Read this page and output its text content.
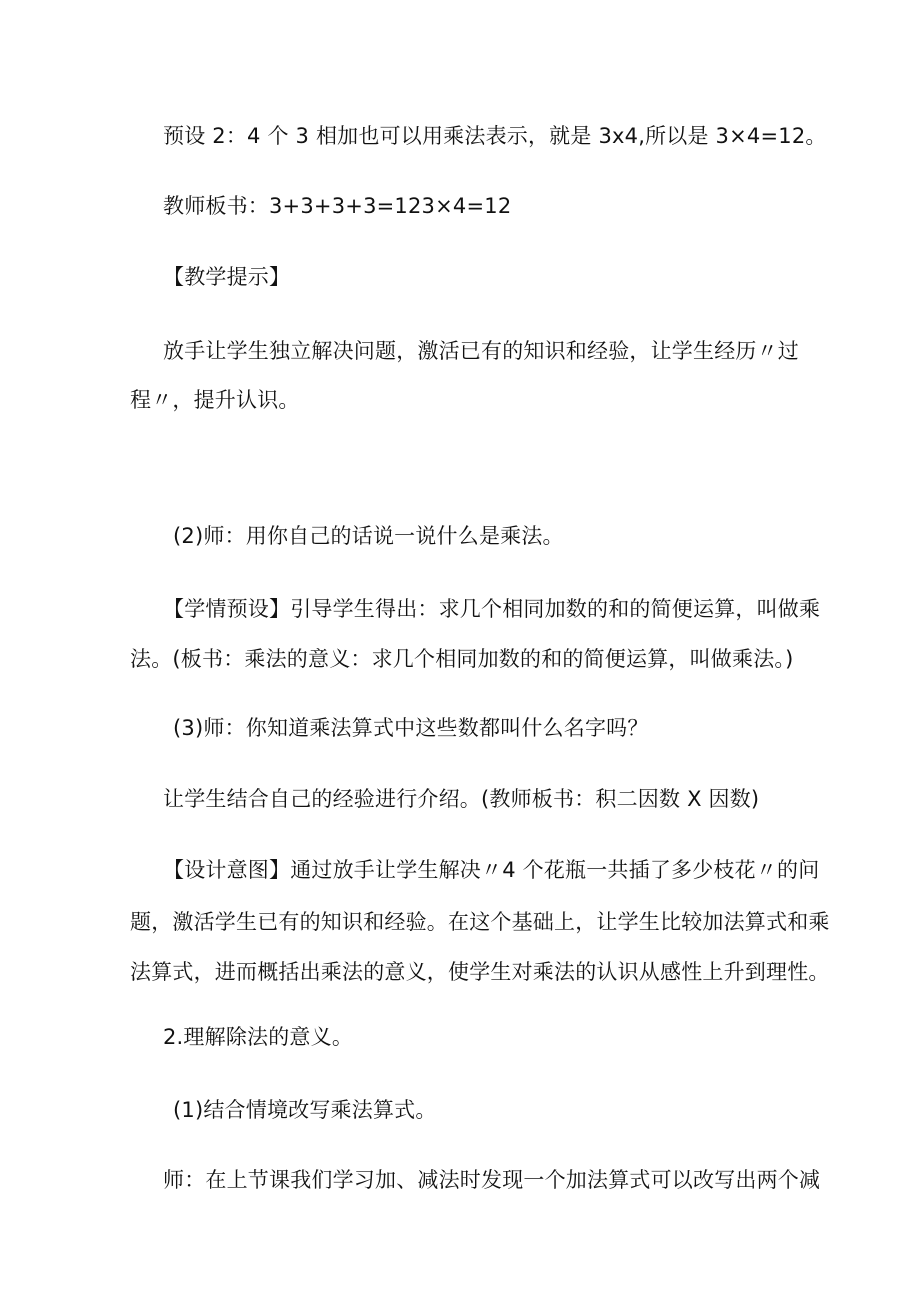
预设 2：4 个 3 相加也可以用乘法表示，就是 3x4,所以是 3×4=12。
教师板书：3+3+3+3=123×4=12
【教学提示】
放手让学生独立解决问题，激活已有的知识和经验，让学生经历〃过
程〃，提升认识。
(2)师：用你自己的话说一说什么是乘法。
【学情预设】引导学生得出：求几个相同加数的和的简便运算，叫做乘
法。(板书：乘法的意义：求几个相同加数的和的简便运算，叫做乘法。)
(3)师：你知道乘法算式中这些数都叫什么名字吗？
让学生结合自己的经验进行介绍。(教师板书：积二因数 X 因数)
【设计意图】通过放手让学生解决〃4 个花瓶一共插了多少枝花〃的问
题，激活学生已有的知识和经验。在这个基础上，让学生比较加法算式和乘
法算式，进而概括出乘法的意义，使学生对乘法的认识从感性上升到理性。
2.理解除法的意义。
(1)结合情境改写乘法算式。
师：在上节课我们学习加、减法时发现一个加法算式可以改写出两个减
